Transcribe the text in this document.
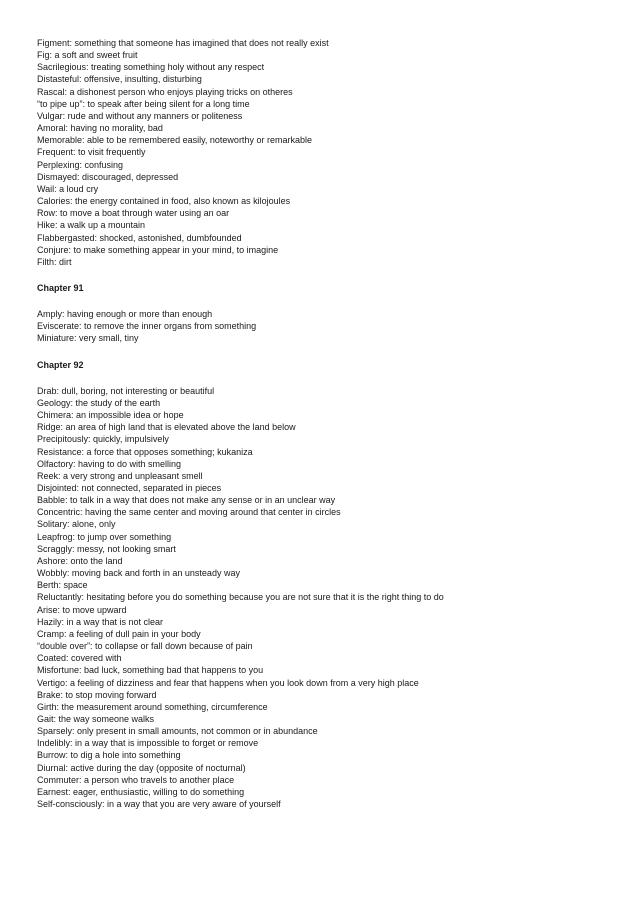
Figment: something that someone has imagined that does not really exist
Fig: a soft and sweet fruit
Sacrilegious: treating something holy without any respect
Distasteful: offensive, insulting, disturbing
Rascal: a dishonest person who enjoys playing tricks on otheres
“to pipe up”: to speak after being silent for a long time
Vulgar: rude and without any manners or politeness
Amoral: having no morality, bad
Memorable: able to be remembered easily, noteworthy or remarkable
Frequent: to visit frequently
Perplexing: confusing
Dismayed: discouraged, depressed
Wail: a loud cry
Calories: the energy contained in food, also known as kilojoules
Row: to move a boat through water using an oar
Hike: a walk up a mountain
Flabbergasted: shocked, astonished, dumbfounded
Conjure: to make something appear in your mind, to imagine
Filth: dirt
Chapter 91
Amply: having enough or more than enough
Eviscerate: to remove the inner organs from something
Miniature: very small, tiny
Chapter 92
Drab: dull, boring, not interesting or beautiful
Geology: the study of the earth
Chimera: an impossible idea or hope
Ridge: an area of high land that is elevated above the land below
Precipitously: quickly, impulsively
Resistance: a force that opposes something; kukaniza
Olfactory: having to do with smelling
Reek: a very strong and unpleasant smell
Disjointed: not connected, separated in pieces
Babble: to talk in a way that does not make any sense or in an unclear way
Concentric: having the same center and moving around that center in circles
Solitary: alone, only
Leapfrog: to jump over something
Scraggly: messy, not looking smart
Ashore: onto the land
Wobbly: moving back and forth in an unsteady way
Berth: space
Reluctantly: hesitating before you do something because you are not sure that it is the right thing to do
Arise: to move upward
Hazily: in a way that is not clear
Cramp: a feeling of dull pain in your body
“double over”: to collapse or fall down because of pain
Coated: covered with
Misfortune: bad luck, something bad that happens to you
Vertigo: a feeling of dizziness and fear that happens when you look down from a very high place
Brake: to stop moving forward
Girth: the measurement around something, circumference
Gait: the way someone walks
Sparsely: only present in small amounts, not common or in abundance
Indelibly: in a way that is impossible to forget or remove
Burrow: to dig a hole into something
Diurnal: active during the day (opposite of nocturnal)
Commuter: a person who travels to another place
Earnest: eager, enthusiastic, willing to do something
Self-consciously: in a way that you are very aware of yourself
